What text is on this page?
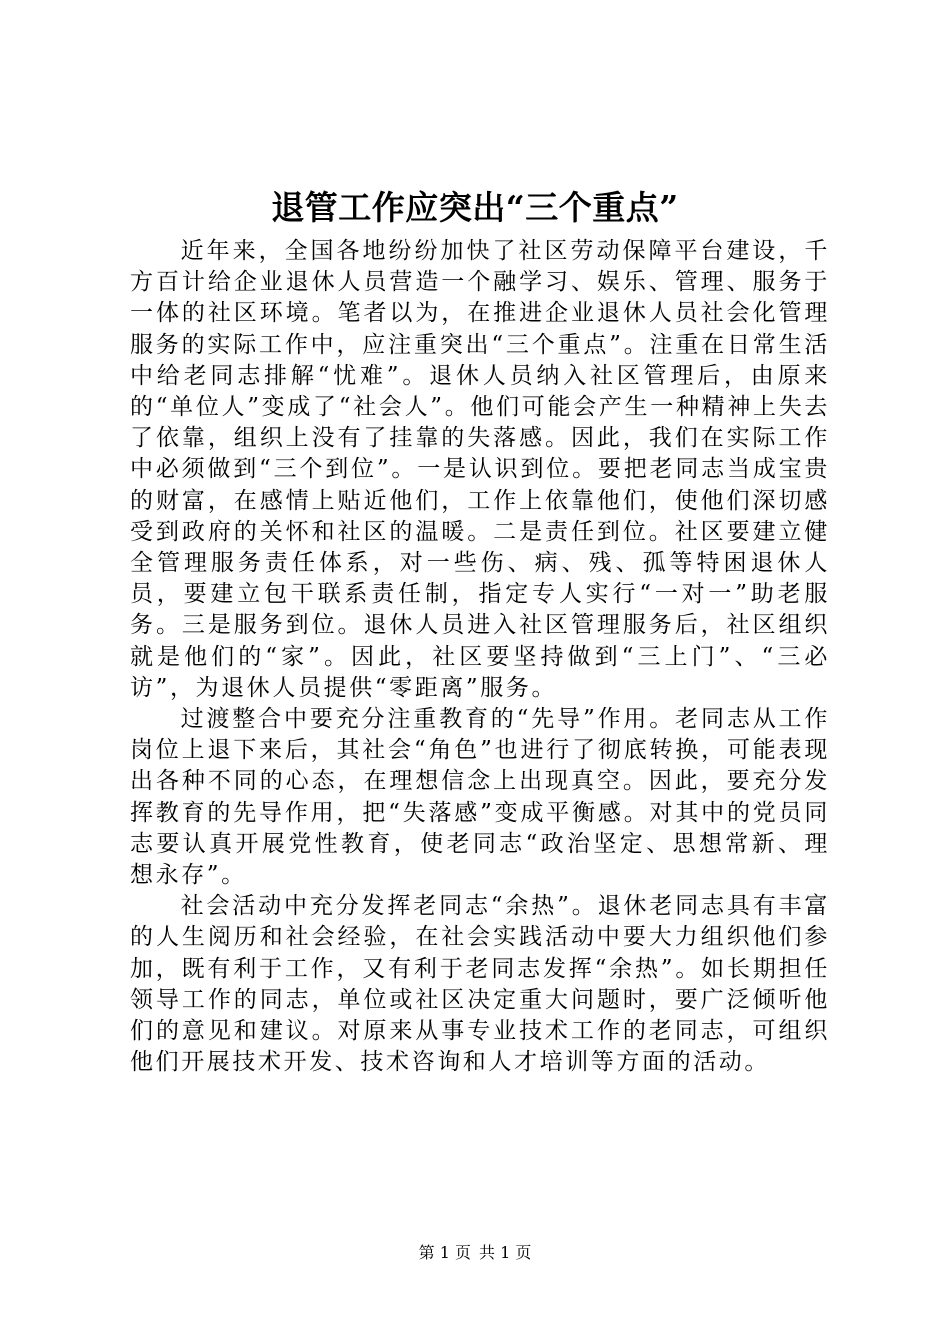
退管工作应突出“三个重点”

近年来，全国各地纷纷加快了社区劳动保障平台建设，千方百计给企业退休人员营造一个融学习、娱乐、管理、服务于一体的社区环境。笔者以为，在推进企业退休人员社会化管理服务的实际工作中，应注重突出“三个重点”。注重在日常生活中给老同志排解“忧难”。退休人员纳入社区管理后，由原来的“单位人”变成了“社会人”。他们可能会产生一种精神上失去了依靠，组织上没有了挂靠的失落感。因此，我们在实际工作中必须做到“三个到位”。一是认识到位。要把老同志当成宝贵的财富，在感情上贴近他们，工作上依靠他们，使他们深切感受到政府的关怀和社区的温暖。二是责任到位。社区要建立健全管理服务责任体系，对一些伤、病、残、孤等特困退休人员，要建立包干联系责任制，指定专人实行“一对一”助老服务。三是服务到位。退休人员进入社区管理服务后，社区组织就是他们的“家”。因此，社区要坚持做到“三上门”、“三必访”，为退休人员提供“零距离”服务。

过渡整合中要充分注重教育的“先导”作用。老同志从工作岗位上退下来后，其社会“角色”也进行了彻底转换，可能表现出各种不同的心态，在理想信念上出现真空。因此，要充分发挥教育的先导作用，把“失落感”变成平衡感。对其中的党员同志要认真开展党性教育，使老同志“政治坚定、思想常新、理想永存”。

社会活动中充分发挥老同志“余热”。退休老同志具有丰富的人生阅历和社会经验，在社会实践活动中要大力组织他们参加，既有利于工作，又有利于老同志发挥“余热”。如长期担任领导工作的同志，单位或社区决定重大问题时，要广泛倾听他们的意见和建议。对原来从事专业技术工作的老同志，可组织他们开展技术开发、技术咨询和人才培训等方面的活动。

第 1 页 共 1 页
